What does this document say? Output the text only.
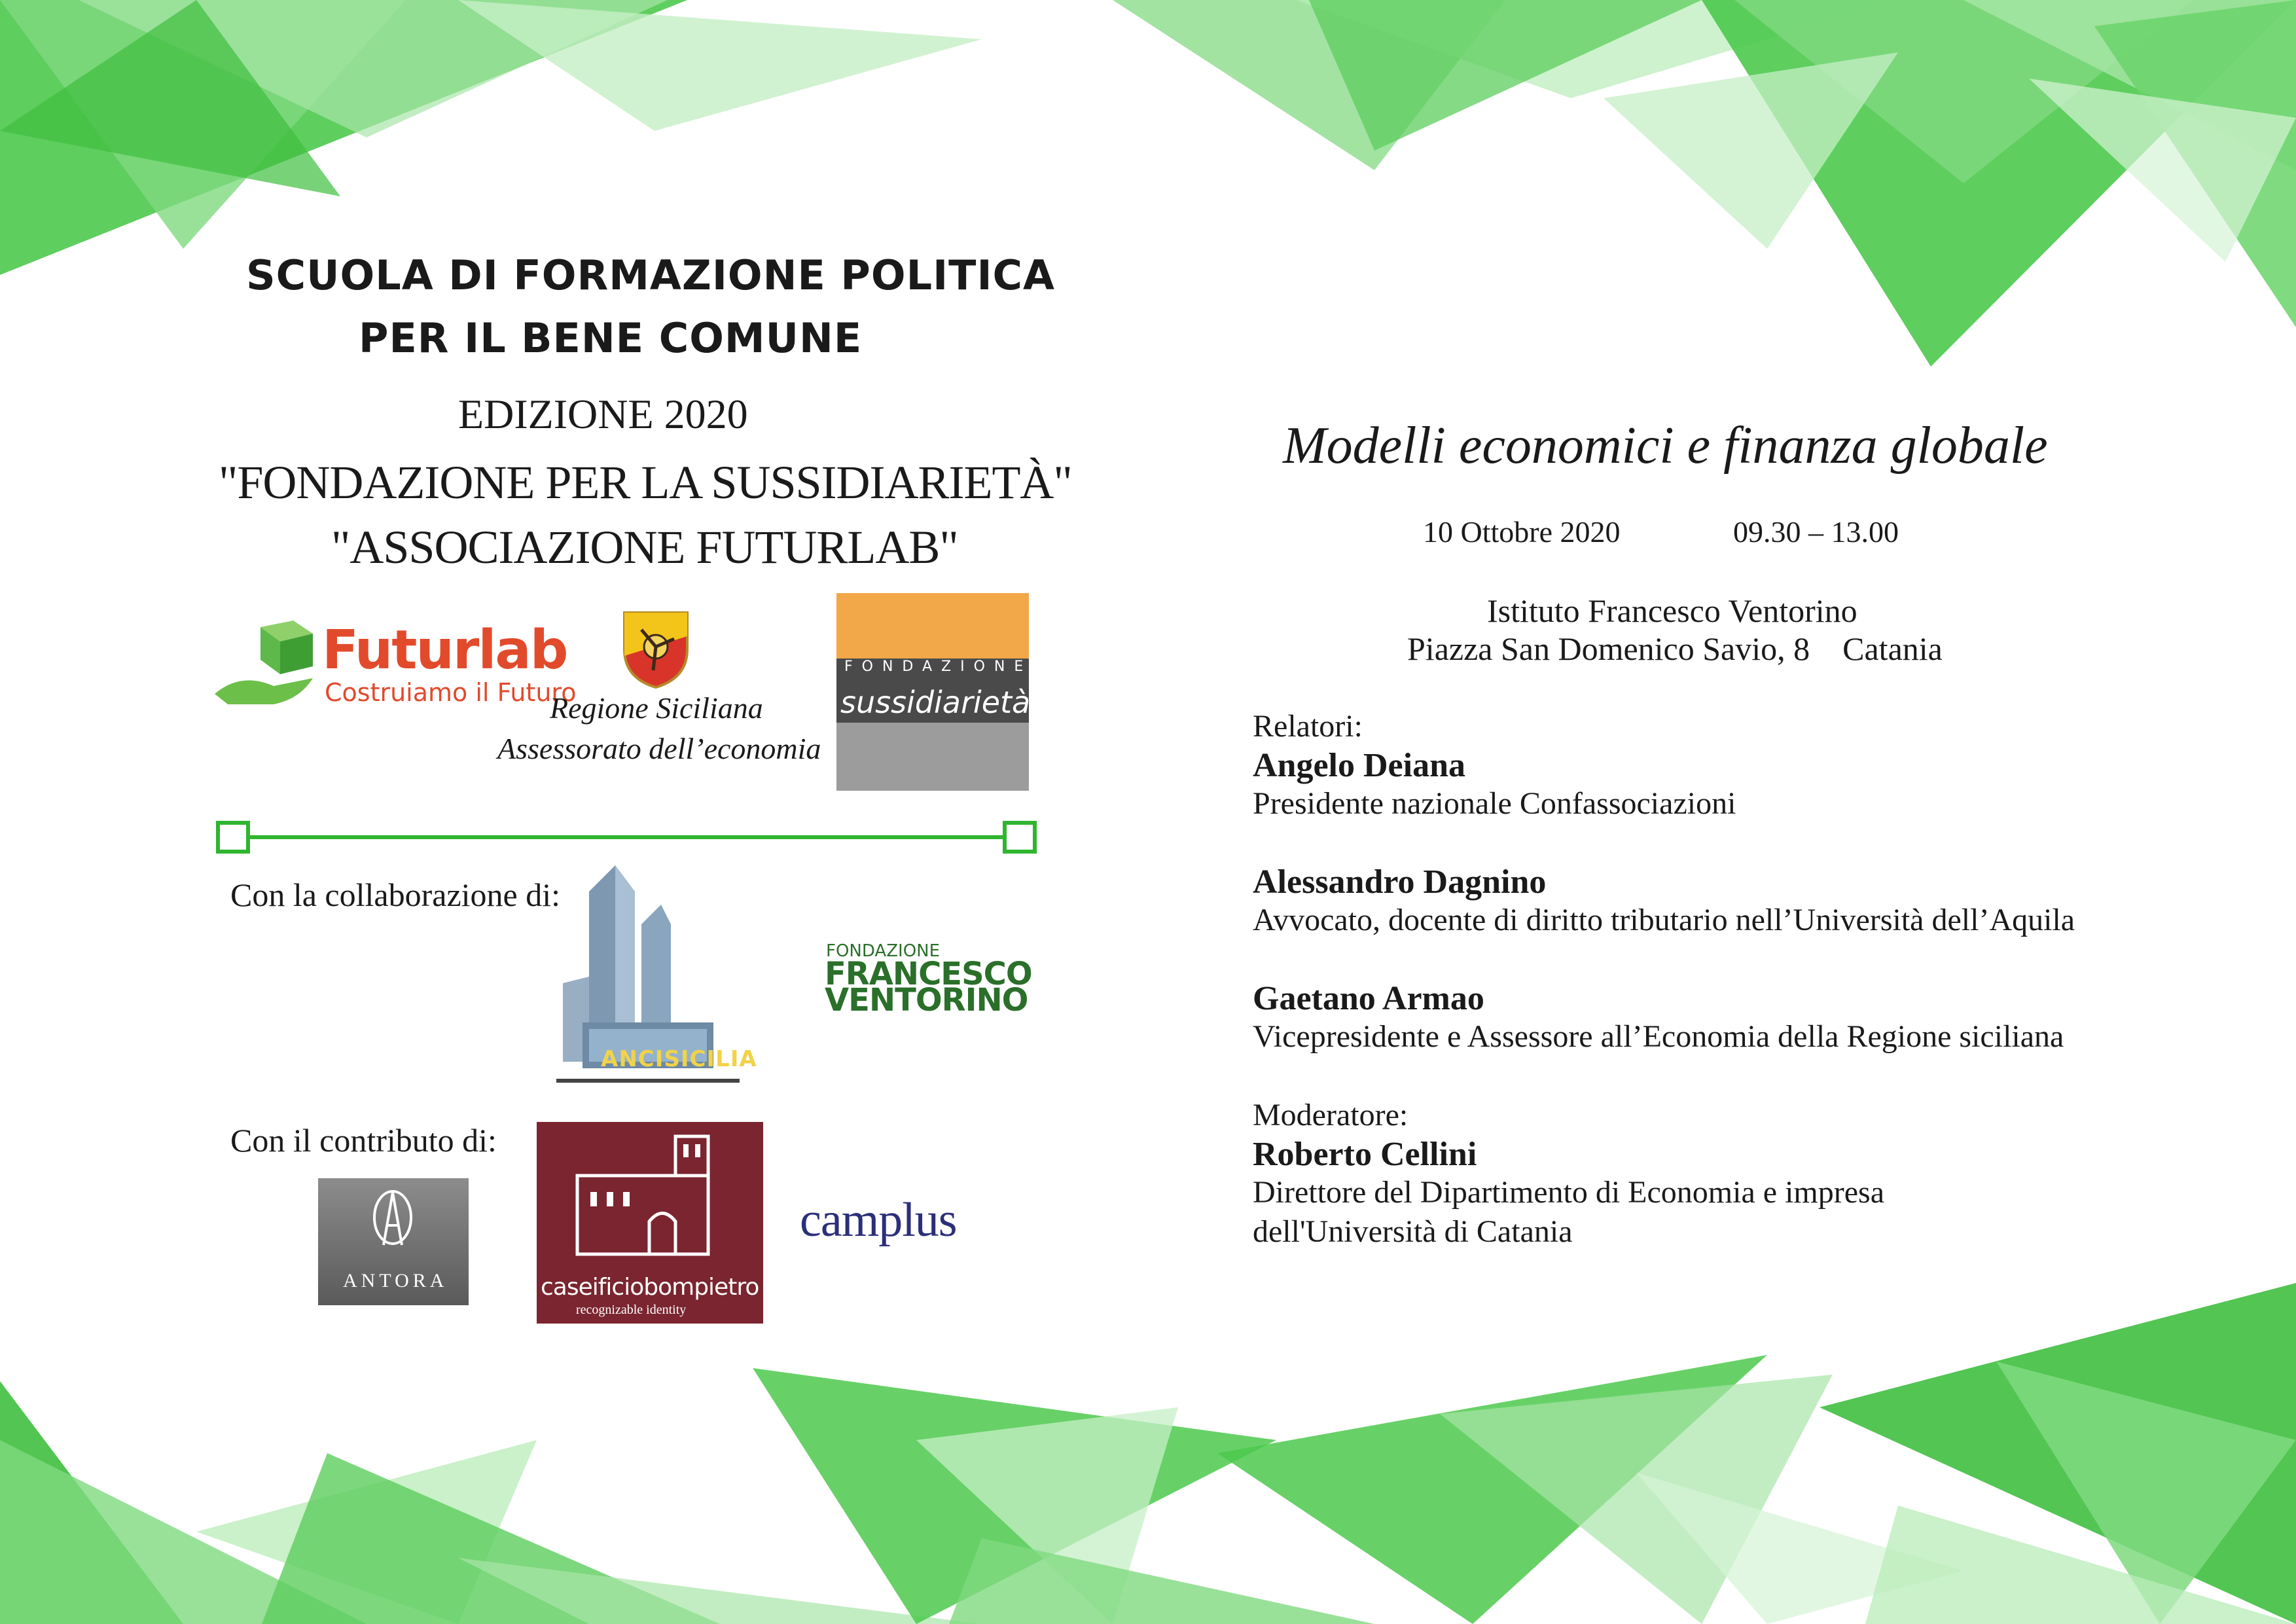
SCUOLA DI FORMAZIONE POLITICA
PER IL BENE COMUNE
EDIZIONE 2020
"FONDAZIONE PER LA SUSSIDIARIETÀ"
"ASSOCIAZIONE FUTURLAB"
Futurlab
Costruiamo il Futuro
Regione Siciliana
Assessorato dell’economia
FONDAZIONE
sussidiarietà
Con la collaborazione di:
ANCISICILIA
FONDAZIONE
FRANCESCO
VENTORINO
Con il contributo di:
ANTORA	caseificiobompietro
recognizable identity
camplus
Modelli economici e finanza globale
10 Ottobre 2020	09.30 – 13.00
Istituto Francesco Ventorino
Piazza San Domenico Savio, 8    Catania
Relatori:
Angelo Deiana
Presidente nazionale Confassociazioni
Alessandro Dagnino
Avvocato, docente di diritto tributario nell’Università dell’Aquila
Gaetano Armao
Vicepresidente e Assessore all’Economia della Regione siciliana
Moderatore:
Roberto Cellini
Direttore del Dipartimento di Economia e impresa
dell'Università di Catania
